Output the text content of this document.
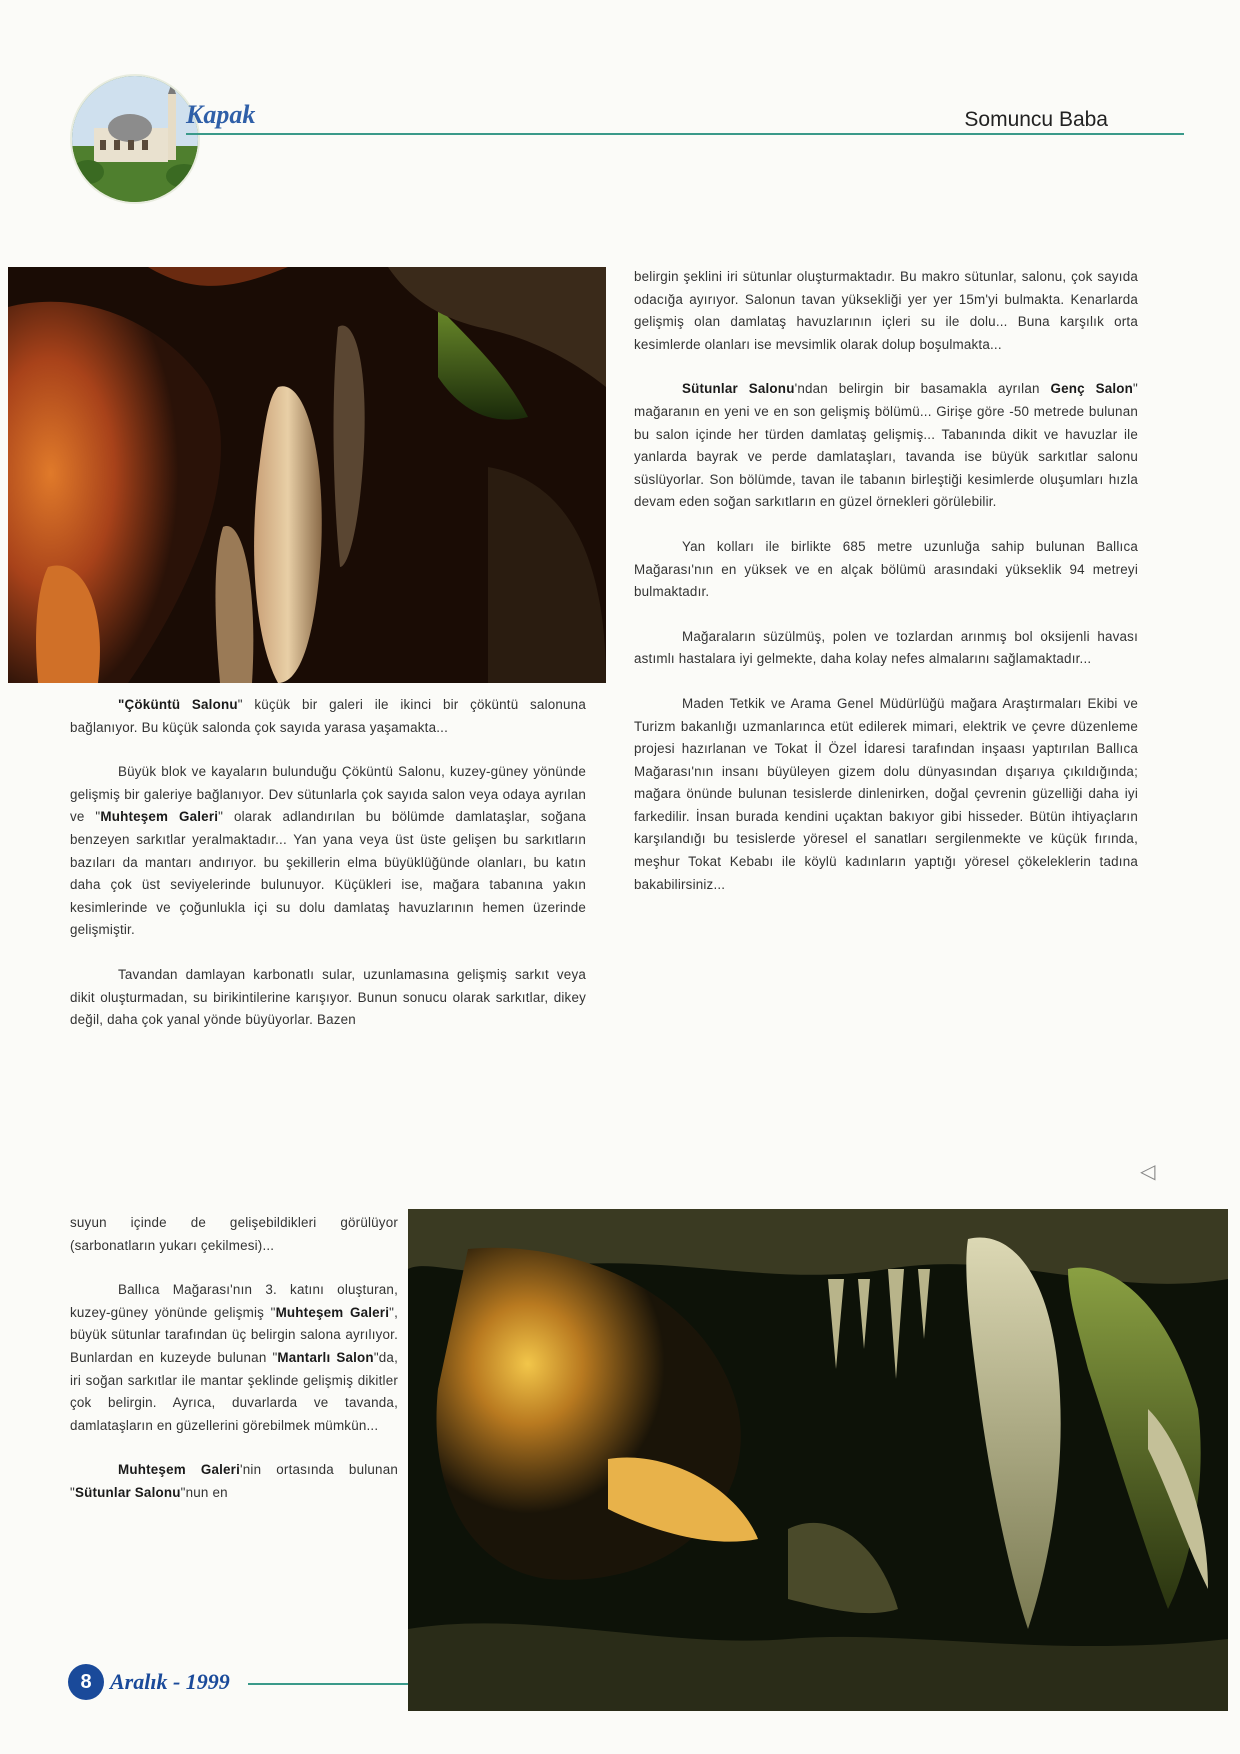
Kapak	Somuncu Baba

belirgin şeklini iri sütunlar oluşturmaktadır. Bu makro sütunlar, salonu, çok sayıda odacığa ayırıyor. Salonun tavan yüksekliği yer yer 15m'yi bulmakta. Kenarlarda gelişmiş olan damlataş havuzlarının içleri su ile dolu... Buna karşılık orta kesimlerde olanları ise mevsimlik olarak dolup boşulmakta...

Sütunlar Salonu'ndan belirgin bir basamakla ayrılan Genç Salon" mağaranın en yeni ve en son gelişmiş bölümü... Girişe göre -50 metrede bulunan bu salon içinde her türden damlataş gelişmiş... Tabanında dikit ve havuzlar ile yanlarda bayrak ve perde damlataşları, tavanda ise büyük sarkıtlar salonu süslüyorlar. Son bölümde, tavan ile tabanın birleştiği kesimlerde oluşumları hızla devam eden soğan sarkıtların en güzel örnekleri görülebilir.

Yan kolları ile birlikte 685 metre uzunluğa sahip bulunan Ballıca Mağarası'nın en yüksek ve en alçak bölümü arasındaki yükseklik 94 metreyi bulmaktadır.

Mağaraların süzülmüş, polen ve tozlardan arınmış bol oksijenli havası astımlı hastalara iyi gelmekte, daha kolay nefes almalarını sağlamaktadır...

Maden Tetkik ve Arama Genel Müdürlüğü mağara Araştırmaları Ekibi ve Turizm bakanlığı uzmanlarınca etüt edilerek mimari, elektrik ve çevre düzenleme projesi hazırlanan ve Tokat İl Özel İdaresi tarafından inşaası yaptırılan Ballıca Mağarası'nın insanı büyüleyen gizem dolu dünyasından dışarıya çıkıldığında; mağara önünde bulunan tesislerde dinlenirken, doğal çevrenin güzelliği daha iyi farkedilir. İnsan burada kendini uçaktan bakıyor gibi hisseder. Bütün ihtiyaçların karşılandığı bu tesislerde yöresel el sanatları sergilenmekte ve küçük fırında, meşhur Tokat Kebabı ile köylü kadınların yaptığı yöresel çökeleklerin tadına bakabilirsiniz...

"Çöküntü Salonu" küçük bir galeri ile ikinci bir çöküntü salonuna bağlanıyor. Bu küçük salonda çok sayıda yarasa yaşamakta...

Büyük blok ve kayaların bulunduğu Çöküntü Salonu, kuzey-güney yönünde gelişmiş bir galeriye bağlanıyor. Dev sütunlarla çok sayıda salon veya odaya ayrılan ve "Muhteşem Galeri" olarak adlandırılan bu bölümde damlataşlar, soğana benzeyen sarkıtlar yeralmaktadır... Yan yana veya üst üste gelişen bu sarkıtların bazıları da mantarı andırıyor. bu şekillerin elma büyüklüğünde olanları, bu katın daha çok üst seviyelerinde bulunuyor. Küçükleri ise, mağara tabanına yakın kesimlerinde ve çoğunlukla içi su dolu damlataş havuzlarının hemen üzerinde gelişmiştir.

Tavandan damlayan karbonatlı sular, uzunlamasına gelişmiş sarkıt veya dikit oluşturmadan, su birikintilerine karışıyor. Bunun sonucu olarak sarkıtlar, dikey değil, daha çok yanal yönde büyüyorlar. Bazen

suyun içinde de gelişebildikleri görülüyor (sarbonatların yukarı çekilmesi)...

Ballıca Mağarası'nın 3. katını oluşturan, kuzey-güney yönünde gelişmiş "Muhteşem Galeri", büyük sütunlar tarafından üç belirgin salona ayrılıyor. Bunlardan en kuzeyde bulunan "Mantarlı Salon"da, iri soğan sarkıtlar ile mantar şeklinde gelişmiş dikitler çok belirgin. Ayrıca, duvarlarda ve tavanda, damlataşların en güzellerini görebilmek mümkün...

Muhteşem Galeri'nin ortasında bulunan "Sütunlar Salonu"nun en

◁
8 Aralık - 1999
